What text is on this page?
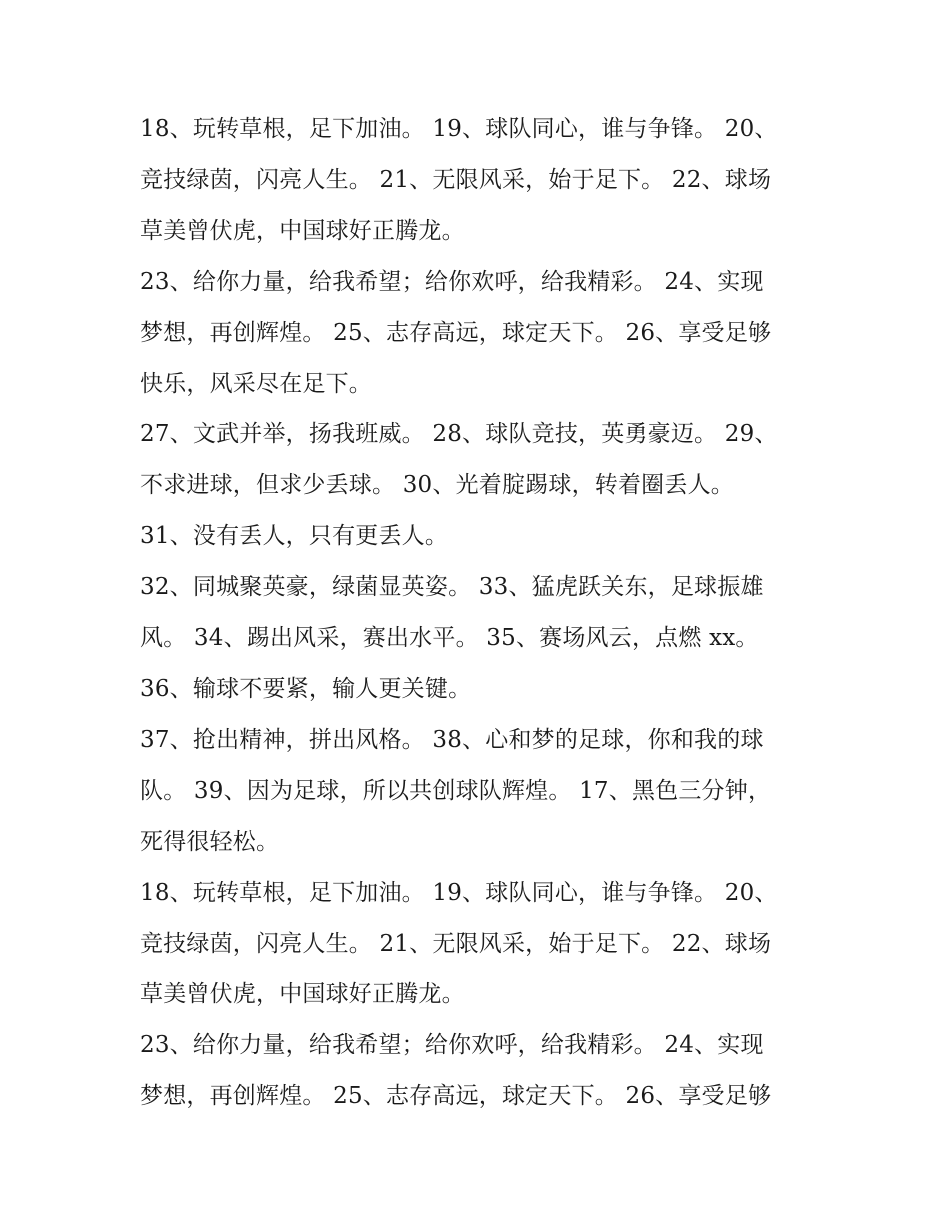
18、玩转草根，足下加油。 19、球队同心，谁与争锋。 20、
竞技绿茵，闪亮人生。 21、无限风采，始于足下。 22、球场
草美曾伏虎，中国球好正腾龙。

23、给你力量，给我希望；给你欢呼，给我精彩。 24、实现
梦想，再创辉煌。 25、志存高远，球定天下。 26、享受足够
快乐，风采尽在足下。

27、文武并举，扬我班威。 28、球队竞技，英勇豪迈。 29、
不求进球，但求少丢球。 30、光着腚踢球，转着圈丢人。

31、没有丢人，只有更丢人。

32、同城聚英豪，绿菌显英姿。 33、猛虎跃关东，足球振雄
风。 34、踢出风采，赛出水平。 35、赛场风云，点燃 xx。

36、输球不要紧，输人更关键。

37、抢出精神，拼出风格。 38、心和梦的足球，你和我的球
队。 39、因为足球，所以共创球队辉煌。 17、黑色三分钟，
死得很轻松。

18、玩转草根，足下加油。 19、球队同心，谁与争锋。 20、
竞技绿茵，闪亮人生。 21、无限风采，始于足下。 22、球场
草美曾伏虎，中国球好正腾龙。

23、给你力量，给我希望；给你欢呼，给我精彩。 24、实现
梦想，再创辉煌。 25、志存高远，球定天下。 26、享受足够
